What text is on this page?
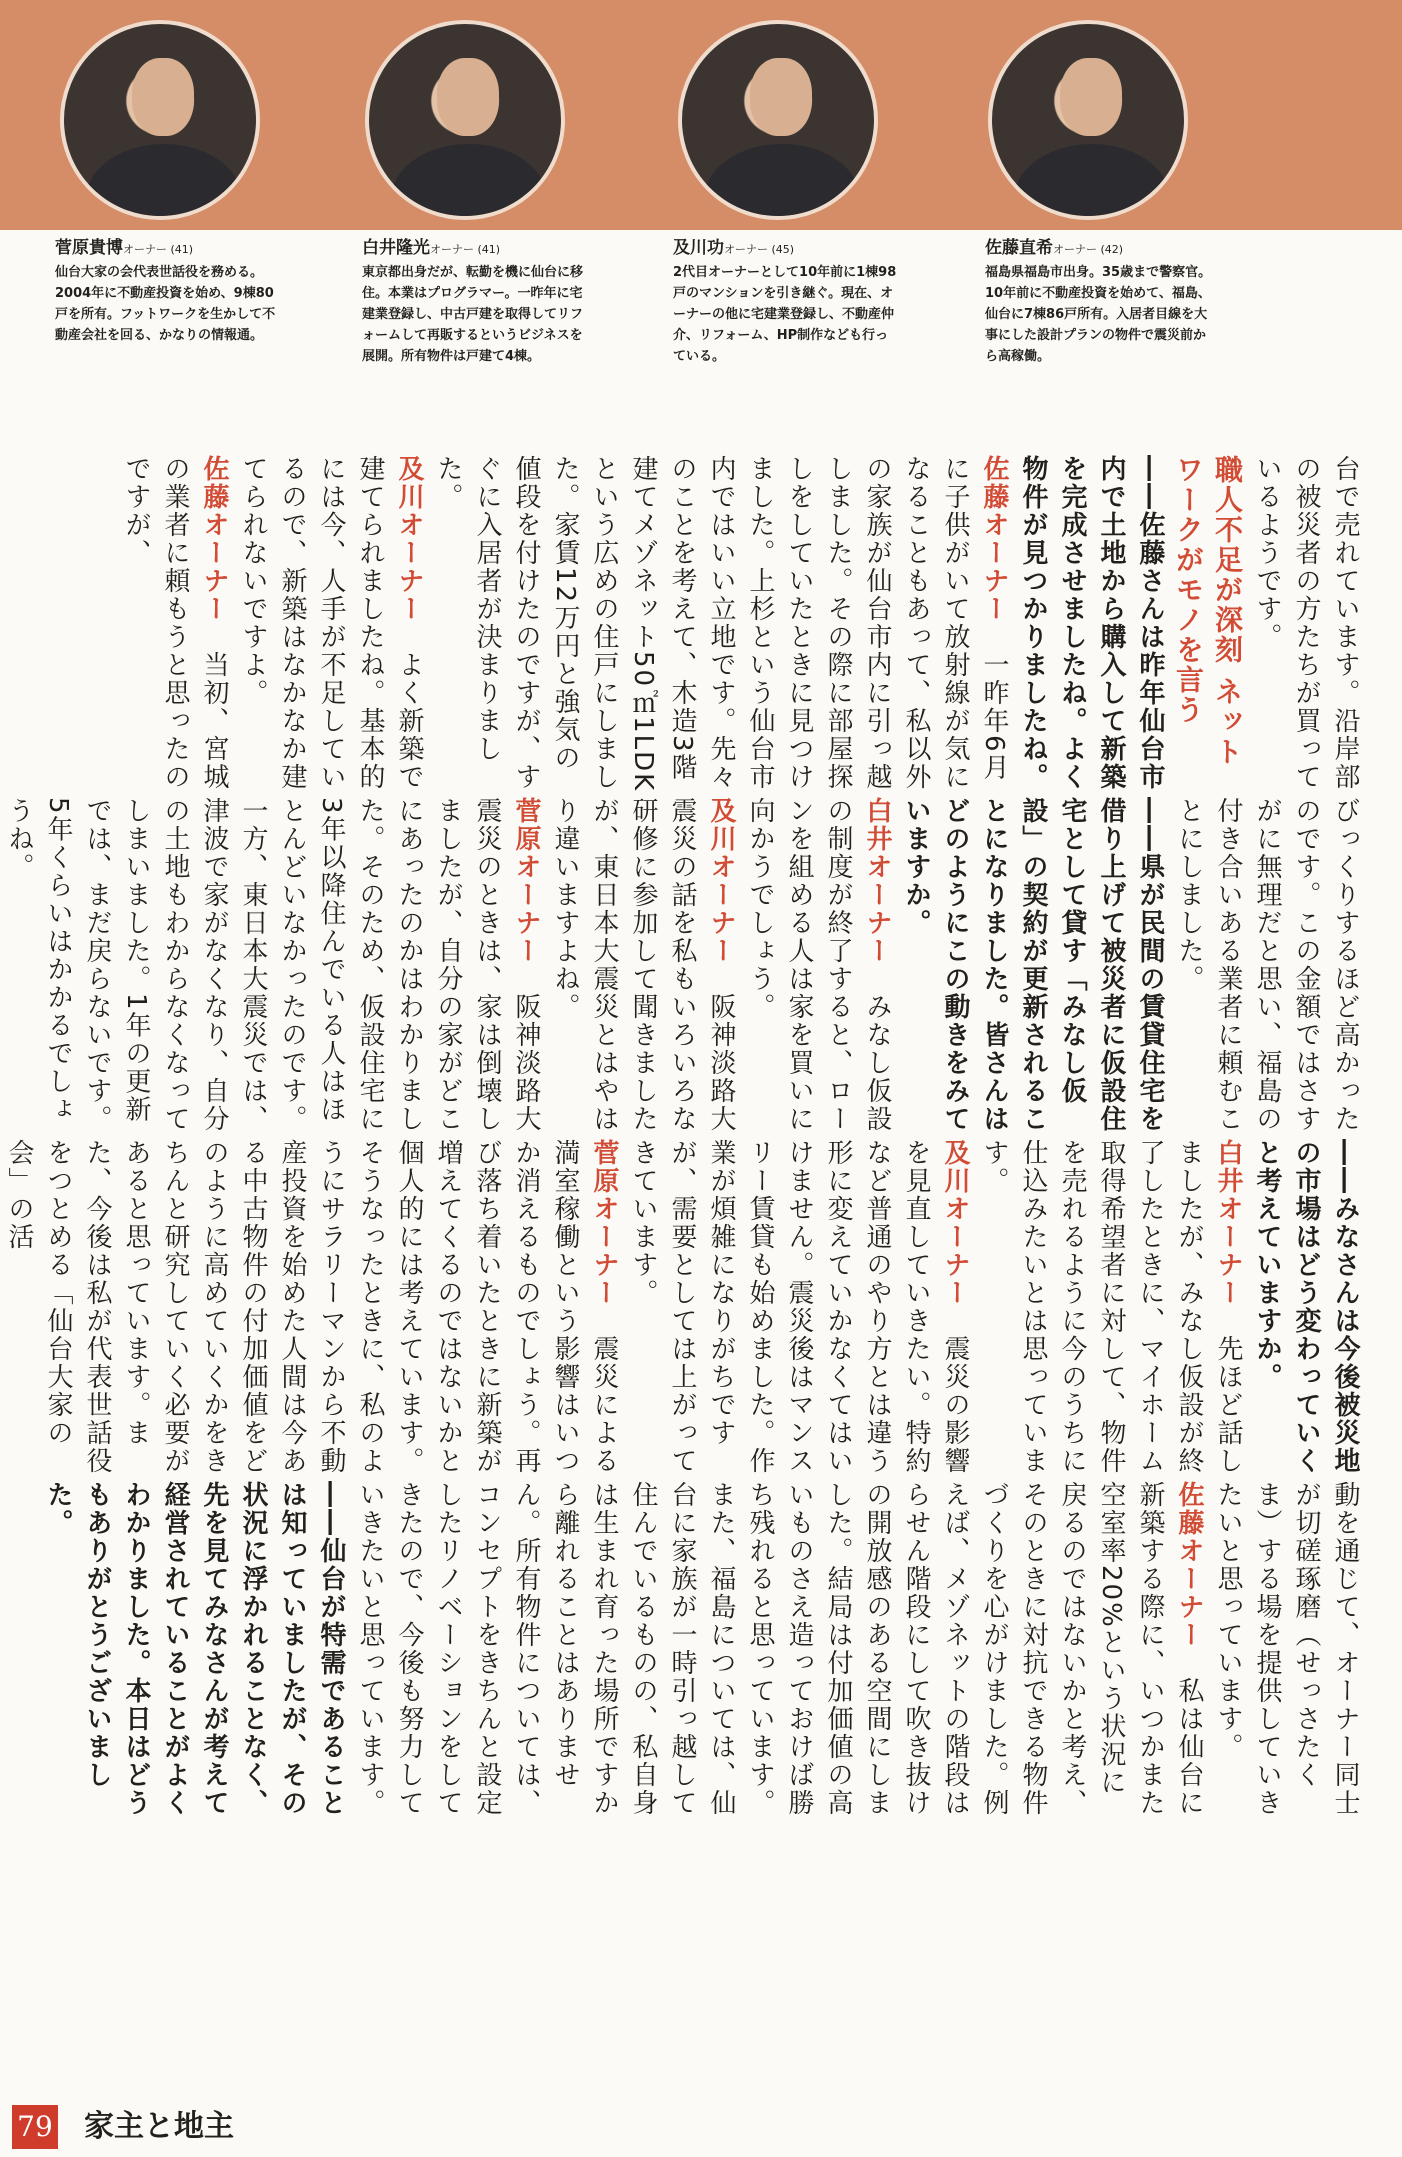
菅原貴博オーナー (41)
仙台大家の会代表世話役を務める。2004年に不動産投資を始め、9棟80戸を所有。フットワークを生かして不動産会社を回る、かなりの情報通。
白井隆光オーナー (41)
東京都出身だが、転勤を機に仙台に移住。本業はプログラマー。一昨年に宅建業登録し、中古戸建を取得してリフォームして再販するというビジネスを展開。所有物件は戸建て4棟。
及川功オーナー (45)
2代目オーナーとして10年前に1棟98戸のマンションを引き継ぐ。現在、オーナーの他に宅建業登録し、不動産仲介、リフォーム、HP制作なども行っている。
佐藤直希オーナー (42)
福島県福島市出身。35歳まで警察官。10年前に不動産投資を始めて、福島、仙台に7棟86戸所有。入居者目線を大事にした設計プランの物件で震災前から高稼働。

台で売れています。沿岸部の被災者の方たちが買っているようです。

職人不足が深刻 ネットワークがモノを言う

――佐藤さんは昨年仙台市内で土地から購入して新築を完成させましたね。よく物件が見つかりましたね。

佐藤オーナー　一昨年6月に子供がいて放射線が気になることもあって、私以外の家族が仙台市内に引っ越しました。その際に部屋探しをしていたときに見つけました。上杉という仙台市内ではいい立地です。先々のことを考えて、木造3階建てメゾネット50㎡1LDKという広めの住戸にしました。家賃12万円と強気の値段を付けたのですが、すぐに入居者が決まりました。

及川オーナー　よく新築で建てられましたね。基本的には今、人手が不足しているので、新築はなかなか建てられないですよ。

佐藤オーナー　当初、宮城の業者に頼もうと思ったのですが、

びっくりするほど高かったのです。この金額ではさすがに無理だと思い、福島の付き合いある業者に頼むことにしました。

――県が民間の賃貸住宅を借り上げて被災者に仮設住宅として貸す「みなし仮設」の契約が更新されることになりました。皆さんはどのようにこの動きをみていますか。

白井オーナー　みなし仮設の制度が終了すると、ローンを組める人は家を買いに向かうでしょう。

及川オーナー　阪神淡路大震災の話を私もいろいろな研修に参加して聞きましたが、東日本大震災とはやはり違いますよね。

菅原オーナー　阪神淡路大震災のときは、家は倒壊しましたが、自分の家がどこにあったのかはわかりました。そのため、仮設住宅に3年以降住んでいる人はほとんどいなかったのです。一方、東日本大震災では、津波で家がなくなり、自分の土地もわからなくなってしまいました。1年の更新では、まだ戻らないです。5年くらいはかかるでしょうね。

――みなさんは今後被災地の市場はどう変わっていくと考えていますか。

白井オーナー　先ほど話しましたが、みなし仮設が終了したときに、マイホーム取得希望者に対して、物件を売れるように今のうちに仕込みたいとは思っています。

及川オーナー　震災の影響を見直していきたい。特約など普通のやり方とは違う形に変えていかなくてはいけません。震災後はマンスリー賃貸も始めました。作業が煩雑になりがちですが、需要としては上がってきています。

菅原オーナー　震災による満室稼働という影響はいつか消えるものでしょう。再び落ち着いたときに新築が増えてくるのではないかと個人的には考えています。そうなったときに、私のようにサラリーマンから不動産投資を始めた人間は今ある中古物件の付加価値をどのように高めていくかをきちんと研究していく必要があると思っています。また、今後は私が代表世話役をつとめる「仙台大家の会」の活

動を通じて、オーナー同士が切磋琢磨（せっさたくま）する場を提供していきたいと思っています。

佐藤オーナー　私は仙台に新築する際に、いつかまた空室率20%という状況に戻るのではないかと考え、そのときに対抗できる物件づくりを心がけました。例えば、メゾネットの階段はらせん階段にして吹き抜けの開放感のある空間にしました。結局は付加価値の高いものさえ造っておけば勝ち残れると思っています。また、福島については、仙台に家族が一時引っ越して住んでいるものの、私自身は生まれ育った場所ですから離れることはありません。所有物件については、コンセプトをきちんと設定したリノベーションをしてきたので、今後も努力していきたいと思っています。

――仙台が特需であることは知っていましたが、その状況に浮かれることなく、先を見てみなさんが考えて経営されていることがよくわかりました。本日はどうもありがとうございました。

79 家主と地主
